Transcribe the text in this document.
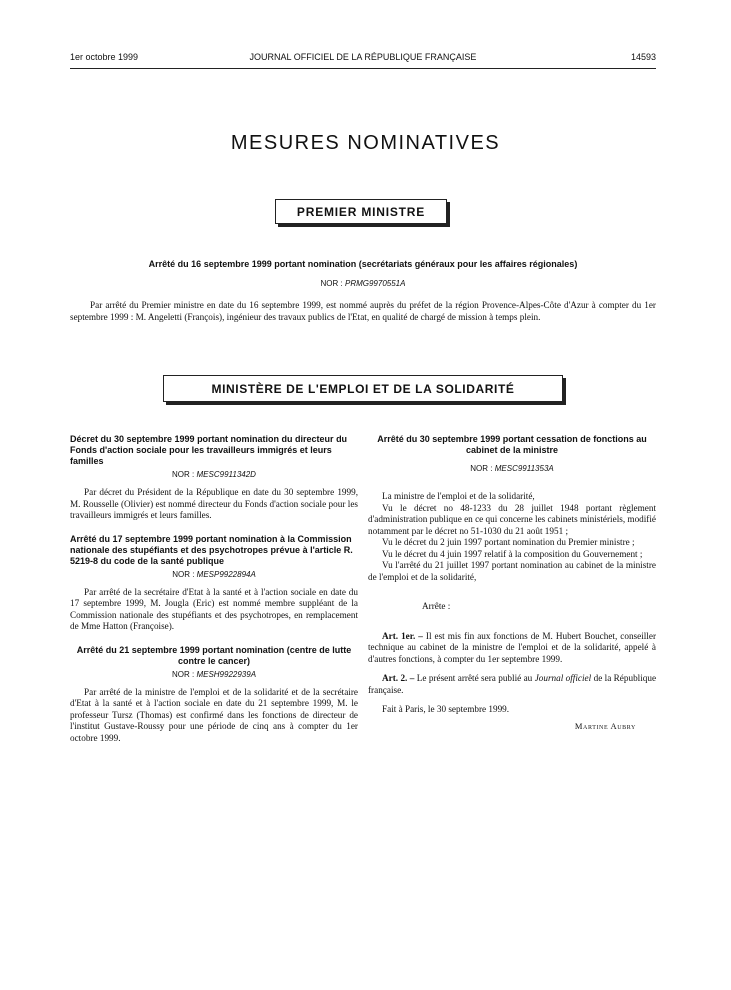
1er octobre 1999	JOURNAL OFFICIEL DE LA RÉPUBLIQUE FRANÇAISE	14593
MESURES NOMINATIVES
PREMIER MINISTRE
Arrêté du 16 septembre 1999 portant nomination (secrétariats généraux pour les affaires régionales)
NOR : PRMG9970551A

Par arrêté du Premier ministre en date du 16 septembre 1999, est nommé auprès du préfet de la région Provence-Alpes-Côte d'Azur à compter du 1er septembre 1999 : M. Angeletti (François), ingénieur des travaux publics de l'Etat, en qualité de chargé de mission à temps plein.

MINISTÈRE DE L'EMPLOI ET DE LA SOLIDARITÉ

Décret du 30 septembre 1999 portant nomination du directeur du Fonds d'action sociale pour les travailleurs immigrés et leurs familles

NOR : MESC9911342D

Par décret du Président de la République en date du 30 septembre 1999, M. Rousselle (Olivier) est nommé directeur du Fonds d'action sociale pour les travailleurs immigrés et leurs familles.

Arrêté du 17 septembre 1999 portant nomination à la Commission nationale des stupéfiants et des psychotropes prévue à l'article R. 5219-8 du code de la santé publique

NOR : MESP9922894A

Par arrêté de la secrétaire d'Etat à la santé et à l'action sociale en date du 17 septembre 1999, M. Jougla (Eric) est nommé membre suppléant de la Commission nationale des stupéfiants et des psychotropes, en remplacement de Mme Hatton (Françoise).

Arrêté du 21 septembre 1999 portant nomination (centre de lutte contre le cancer)

NOR : MESH9922939A

Par arrêté de la ministre de l'emploi et de la solidarité et de la secrétaire d'Etat à la santé et à l'action sociale en date du 21 septembre 1999, M. le professeur Tursz (Thomas) est confirmé dans les fonctions de directeur de l'institut Gustave-Roussy pour une période de cinq ans à compter du 1er octobre 1999.

Arrêté du 30 septembre 1999 portant cessation de fonctions au cabinet de la ministre

NOR : MESC9911353A

La ministre de l'emploi et de la solidarité,

Vu le décret no 48-1233 du 28 juillet 1948 portant règlement d'administration publique en ce qui concerne les cabinets ministériels, modifié notamment par le décret no 51-1030 du 21 août 1951 ;

Vu le décret du 2 juin 1997 portant nomination du Premier ministre ;

Vu le décret du 4 juin 1997 relatif à la composition du Gouvernement ;

Vu l'arrêté du 21 juillet 1997 portant nomination au cabinet de la ministre de l'emploi et de la solidarité,

Arrête :

Art. 1er. – Il est mis fin aux fonctions de M. Hubert Bouchet, conseiller technique au cabinet de la ministre de l'emploi et de la solidarité, appelé à d'autres fonctions, à compter du 1er septembre 1999.

Art. 2. – Le présent arrêté sera publié au Journal officiel de la République française.

Fait à Paris, le 30 septembre 1999.

Martine Aubry
